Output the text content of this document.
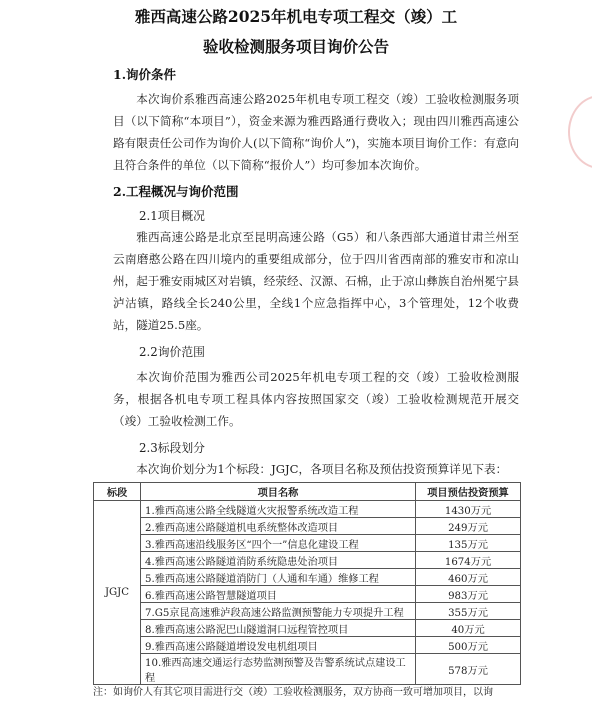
雅西高速公路2025年机电专项工程交（竣）工
验收检测服务项目询价公告
1.询价条件
本次询价系雅西高速公路2025年机电专项工程交（竣）工验收检测服务项目（以下简称“本项目”），资金来源为雅西路通行费收入；现由四川雅西高速公路有限责任公司作为询价人(以下简称“询价人”)，实施本项目询价工作：有意向且符合条件的单位（以下简称“报价人”）均可参加本次询价。
2.工程概况与询价范围
2.1项目概况
雅西高速公路是北京至昆明高速公路（G5）和八条西部大通道甘肃兰州至云南磨憨公路在四川境内的重要组成部分，位于四川省西南部的雅安市和凉山州，起于雅安雨城区对岩镇，经荥经、汉源、石棉，止于凉山彝族自治州冕宁县泸沽镇，路线全长240公里，全线1个应急指挥中心，3个管理处，12个收费站，隧道25.5座。
2.2询价范围
本次询价范围为雅西公司2025年机电专项工程的交（竣）工验收检测服务，根据各机电专项工程具体内容按照国家交（竣）工验收检测规范开展交（竣）工验收检测工作。
2.3标段划分
本次询价划分为1个标段：JGJC，各项目名称及预估投资预算详见下表：
标段	项目名称	项目预估投资预算
JGJC	1.雅西高速公路全线隧道火灾报警系统改造工程	1430万元
	2.雅西高速公路隧道机电系统整体改造项目	249万元
	3.雅西高速沿线服务区“四个一”信息化建设工程	135万元
	4.雅西高速公路隧道消防系统隐患处治项目	1674万元
	5.雅西高速公路隧道消防门（人通和车通）维修工程	460万元
	6.雅西高速公路智慧隧道项目	983万元
	7.G5京昆高速雅泸段高速公路监测预警能力专项提升工程	355万元
	8.雅西高速公路泥巴山隧道洞口远程管控项目	40万元
	9.雅西高速公路隧道增设发电机组项目	500万元
	10.雅西高速交通运行态势监测预警及告警系统试点建设工程	578万元
注：如询价人有其它项目需进行交（竣）工验收检测服务，双方协商一致可增加项目，以询
